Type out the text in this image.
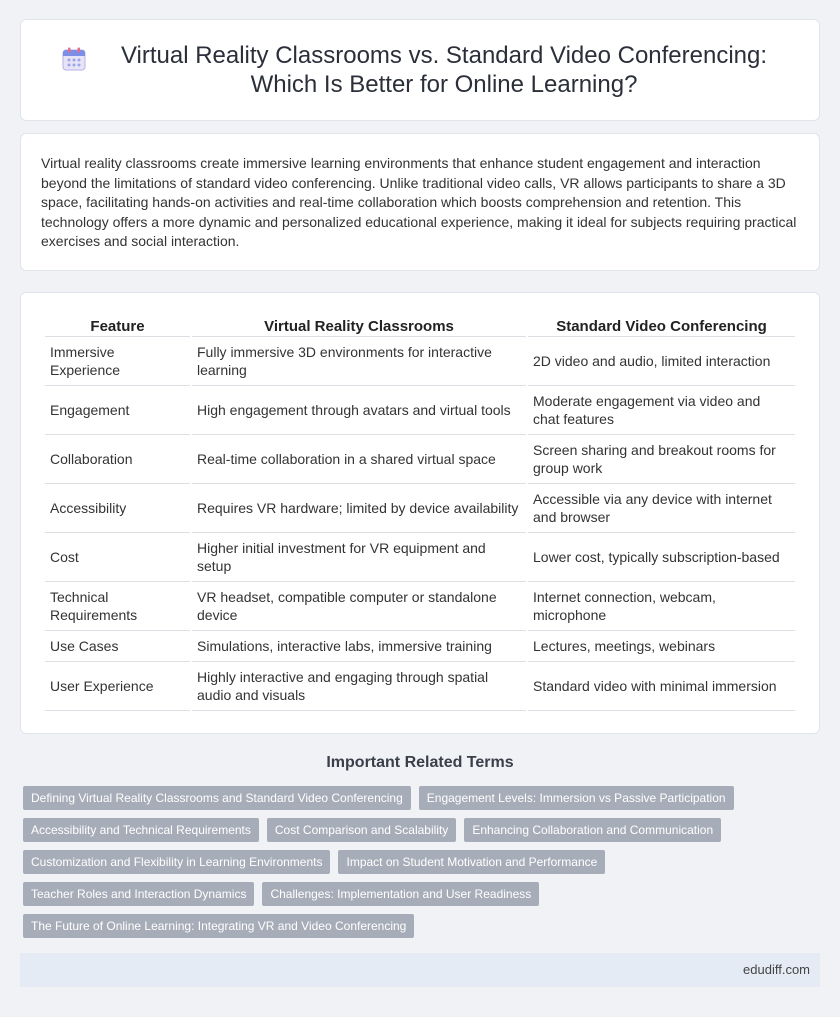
Virtual Reality Classrooms vs. Standard Video Conferencing: Which Is Better for Online Learning?

Virtual reality classrooms create immersive learning environments that enhance student engagement and interaction beyond the limitations of standard video conferencing. Unlike traditional video calls, VR allows participants to share a 3D space, facilitating hands-on activities and real-time collaboration which boosts comprehension and retention. This technology offers a more dynamic and personalized educational experience, making it ideal for subjects requiring practical exercises and social interaction.

Feature	Virtual Reality Classrooms	Standard Video Conferencing
Immersive Experience	Fully immersive 3D environments for interactive learning	2D video and audio, limited interaction
Engagement	High engagement through avatars and virtual tools	Moderate engagement via video and chat features
Collaboration	Real-time collaboration in a shared virtual space	Screen sharing and breakout rooms for group work
Accessibility	Requires VR hardware; limited by device availability	Accessible via any device with internet and browser
Cost	Higher initial investment for VR equipment and setup	Lower cost, typically subscription-based
Technical Requirements	VR headset, compatible computer or standalone device	Internet connection, webcam, microphone
Use Cases	Simulations, interactive labs, immersive training	Lectures, meetings, webinars
User Experience	Highly interactive and engaging through spatial audio and visuals	Standard video with minimal immersion
Important Related Terms
Defining Virtual Reality Classrooms and Standard Video Conferencing	Engagement Levels: Immersion vs Passive Participation
Accessibility and Technical Requirements	Cost Comparison and Scalability	Enhancing Collaboration and Communication
Customization and Flexibility in Learning Environments	Impact on Student Motivation and Performance
Teacher Roles and Interaction Dynamics	Challenges: Implementation and User Readiness
The Future of Online Learning: Integrating VR and Video Conferencing
edudiff.com
